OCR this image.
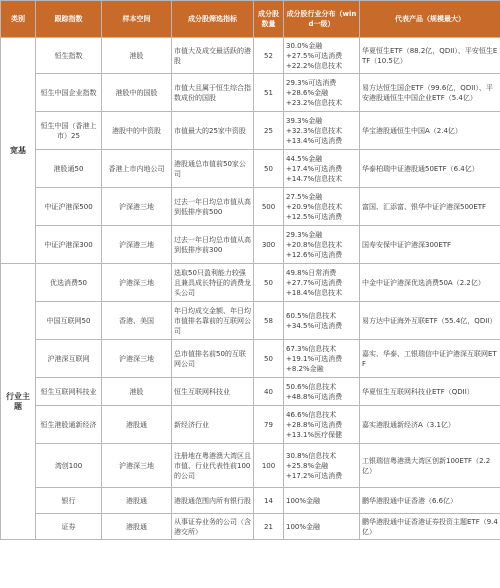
类别	跟踪指数	样本空间	成分股筛选指标	成分股数量	成分股行业分布（wind一级）	代表产品（规模最大）
宽基	恒生指数	港股	市值大及成交最活跃的港股	52	30.0%金融
+27.5%可选消费
+22.2%信息技术	华夏恒生ETF（88.2亿，QDII）、平安恒生ETF（10.5亿）
	恒生中国企业指数	港股中的国股	市值大且属于恒生综合指数成份的国股	51	29.3%可选消费
+28.6%金融
+23.2%信息技术	易方达恒生国企ETF（99.6亿，QDII）、平安港股通恒生中国企业ETF（5.4亿）
	恒生中国（香港上市）25	港股中的中资股	市值最大的25家中资股	25	39.3%金融
+32.3%信息技术
+13.4%可选消费	华宝港股通恒生中国A（2.4亿）
	港股通50	香港上市内地公司	港股通总市值前50家公司	50	44.5%金融
+17.4%可选消费
+14.7%信息技术	华泰柏瑞中证港股通50ETF（6.4亿）
	中证沪港深500	沪深港三地	过去一年日均总市值从高到低排序前500	500	27.5%金融
+20.9%信息技术
+12.5%可选消费	富国、汇添富、银华中证沪港深500ETF
	中证沪港深300	沪深港三地	过去一年日均总市值从高到低排序前300	300	29.3%金融
+20.8%信息技术
+12.6%可选消费	国寿安保中证沪港深300ETF
行业主题	优选消费50	沪港深三地	选取50只盈利能力较强且兼具成长特征的消费龙头公司	50	49.8%日常消费
+27.7%可选消费
+18.4%信息技术	中金中证沪港深优选消费50A（2.2亿）
	中国互联网50	香港、美国	年日均成交金额、年日均市值排名靠前的互联网公司	58	60.5%信息技术
+34.5%可选消费	易方达中证海外互联ETF（55.4亿，QDII）
	沪港深互联网	沪港深三地	总市值排名前50的互联网公司	50	67.3%信息技术
+19.1%可选消费
+8.2%金融	嘉实、华泰、工银瑞信中证沪港深互联网ETF
	恒生互联网科技业	港股	恒生互联网科技业	40	50.6%信息技术
+48.8%可选消费	华夏恒生互联网科技业ETF（QDII）
	恒生港股通新经济	港股通	新经济行业	79	46.6%信息技术
+28.8%可选消费
+13.1%医疗保健	嘉实港股通新经济A（3.1亿）
	湾创100	沪港深三地	注册地在粤港澳大湾区且市值、行业代表性前100的公司	100	30.8%信息技术
+25.8%金融
+17.2%可选消费	工银瑞信粤港澳大湾区创新100ETF（2.2亿）
	银行	港股通	港股通范围内所有银行股	14	100%金融	鹏华港股通中证香港（6.6亿）
	证券	港股通	从事证券业务的公司（含港交所）	21	100%金融	鹏华港股通中证香港证券投资主题ETF（9.4亿）
